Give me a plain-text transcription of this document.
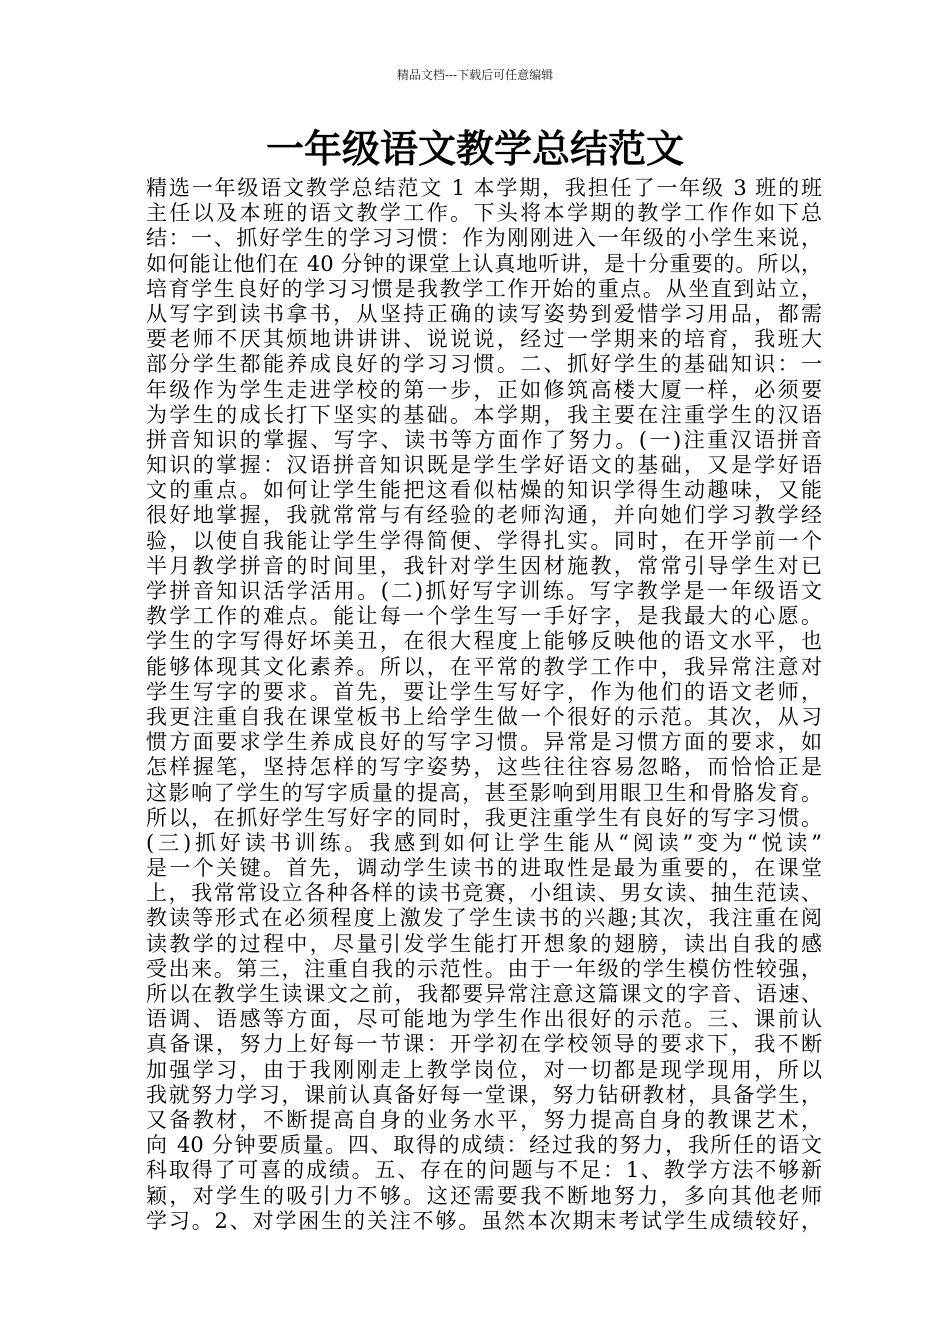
精品文档---下载后可任意编辑
一年级语文教学总结范文
精选一年级语文教学总结范文 1 本学期，我担任了一年级 3 班的班
主任以及本班的语文教学工作。下头将本学期的教学工作作如下总
结：一、抓好学生的学习习惯：作为刚刚进入一年级的小学生来说，
如何能让他们在 40 分钟的课堂上认真地听讲，是十分重要的。所以，
培育学生良好的学习习惯是我教学工作开始的重点。从坐直到站立，
从写字到读书拿书，从坚持正确的读写姿势到爱惜学习用品，都需
要老师不厌其烦地讲讲讲、说说说，经过一学期来的培育，我班大
部分学生都能养成良好的学习习惯。二、抓好学生的基础知识：一
年级作为学生走进学校的第一步，正如修筑高楼大厦一样，必须要
为学生的成长打下坚实的基础。本学期，我主要在注重学生的汉语
拼音知识的掌握、写字、读书等方面作了努力。(一)注重汉语拼音
知识的掌握：汉语拼音知识既是学生学好语文的基础，又是学好语
文的重点。如何让学生能把这看似枯燥的知识学得生动趣味，又能
很好地掌握，我就常常与有经验的老师沟通，并向她们学习教学经
验，以使自我能让学生学得简便、学得扎实。同时，在开学前一个
半月教学拼音的时间里，我针对学生因材施教，常常引导学生对已
学拼音知识活学活用。(二)抓好写字训练。写字教学是一年级语文
教学工作的难点。能让每一个学生写一手好字，是我最大的心愿。
学生的字写得好坏美丑，在很大程度上能够反映他的语文水平，也
能够体现其文化素养。所以，在平常的教学工作中，我异常注意对
学生写字的要求。首先，要让学生写好字，作为他们的语文老师，
我更注重自我在课堂板书上给学生做一个很好的示范。其次，从习
惯方面要求学生养成良好的写字习惯。异常是习惯方面的要求，如
怎样握笔，坚持怎样的写字姿势，这些往往容易忽略，而恰恰正是
这影响了学生的写字质量的提高，甚至影响到用眼卫生和骨胳发育。
所以，在抓好学生写好字的同时，我更注重学生有良好的写字习惯。
(三)抓好读书训练。我感到如何让学生能从“阅读”变为“悦读”
是一个关键。首先，调动学生读书的进取性是最为重要的，在课堂
上，我常常设立各种各样的读书竞赛，小组读、男女读、抽生范读、
教读等形式在必须程度上激发了学生读书的兴趣;其次，我注重在阅
读教学的过程中，尽量引发学生能打开想象的翅膀，读出自我的感
受出来。第三，注重自我的示范性。由于一年级的学生模仿性较强，
所以在教学生读课文之前，我都要异常注意这篇课文的字音、语速、
语调、语感等方面，尽可能地为学生作出很好的示范。三、课前认
真备课，努力上好每一节课：开学初在学校领导的要求下，我不断
加强学习，由于我刚刚走上教学岗位，对一切都是现学现用，所以
我就努力学习，课前认真备好每一堂课，努力钻研教材，具备学生，
又备教材，不断提高自身的业务水平，努力提高自身的教课艺术，
向 40 分钟要质量。四、取得的成绩：经过我的努力，我所任的语文
科取得了可喜的成绩。五、存在的问题与不足：1、教学方法不够新
颖，对学生的吸引力不够。这还需要我不断地努力，多向其他老师
学习。2、对学困生的关注不够。虽然本次期末考试学生成绩较好，
